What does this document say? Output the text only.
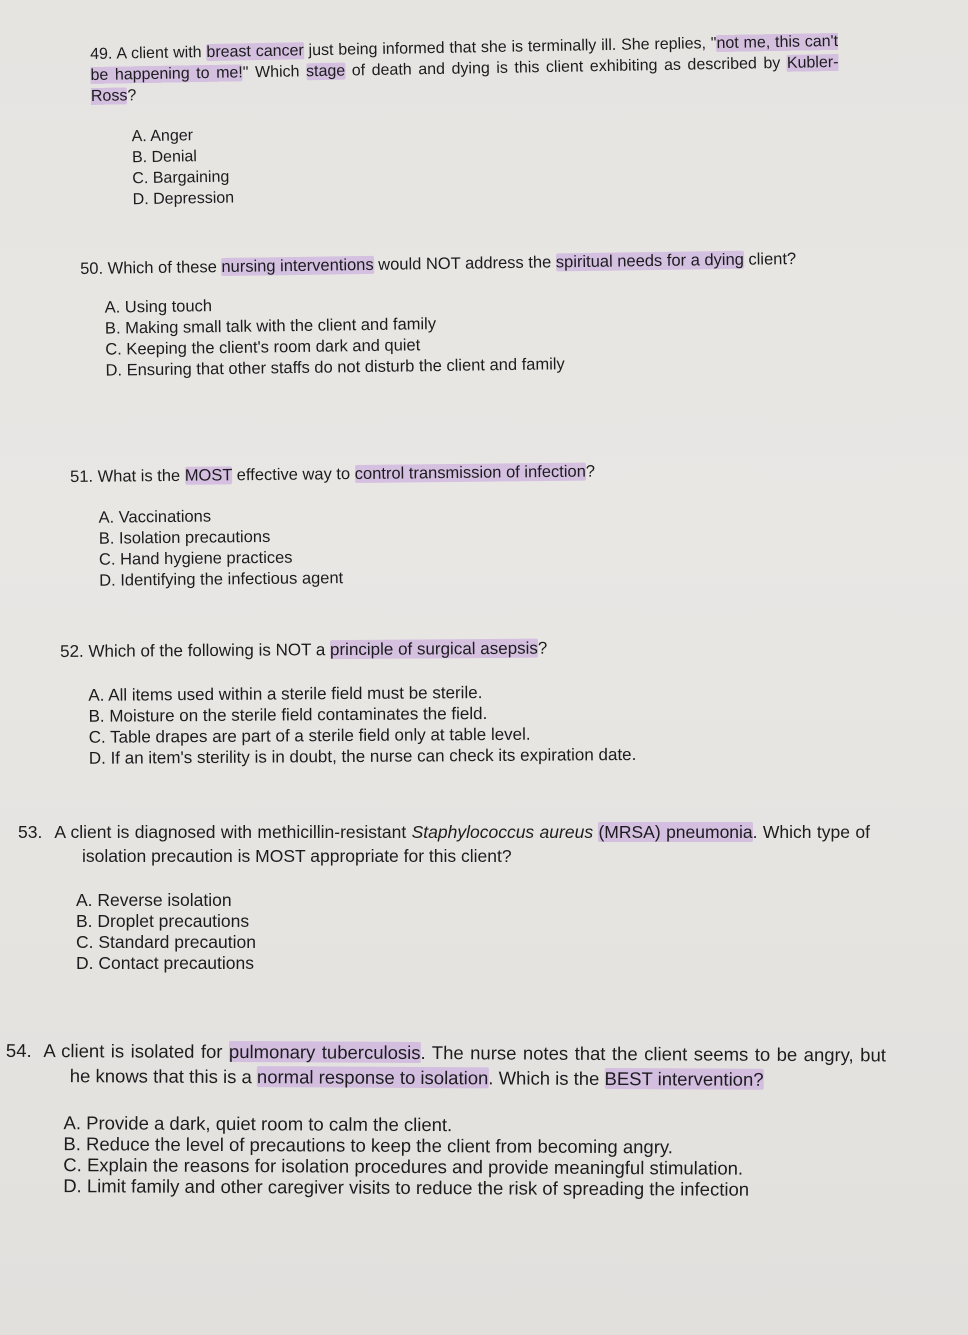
49. A client with breast cancer just being informed that she is terminally ill. She replies, "not me, this can't be happening to me!" Which stage of death and dying is this client exhibiting as described by Kubler-Ross?

A. Anger
B. Denial
C. Bargaining
D. Depression

50. Which of these nursing interventions would NOT address the spiritual needs for a dying client?

A. Using touch
B. Making small talk with the client and family
C. Keeping the client's room dark and quiet
D. Ensuring that other staffs do not disturb the client and family

51. What is the MOST effective way to control transmission of infection?

A. Vaccinations
B. Isolation precautions
C. Hand hygiene practices
D. Identifying the infectious agent

52. Which of the following is NOT a principle of surgical asepsis?

A. All items used within a sterile field must be sterile.
B. Moisture on the sterile field contaminates the field.
C. Table drapes are part of a sterile field only at table level.
D. If an item's sterility is in doubt, the nurse can check its expiration date.

53. A client is diagnosed with methicillin-resistant Staphylococcus aureus (MRSA) pneumonia. Which type of isolation precaution is MOST appropriate for this client?

A. Reverse isolation
B. Droplet precautions
C. Standard precaution
D. Contact precautions

54. A client is isolated for pulmonary tuberculosis. The nurse notes that the client seems to be angry, but he knows that this is a normal response to isolation. Which is the BEST intervention?

A. Provide a dark, quiet room to calm the client.
B. Reduce the level of precautions to keep the client from becoming angry.
C. Explain the reasons for isolation procedures and provide meaningful stimulation.
D. Limit family and other caregiver visits to reduce the risk of spreading the infection
